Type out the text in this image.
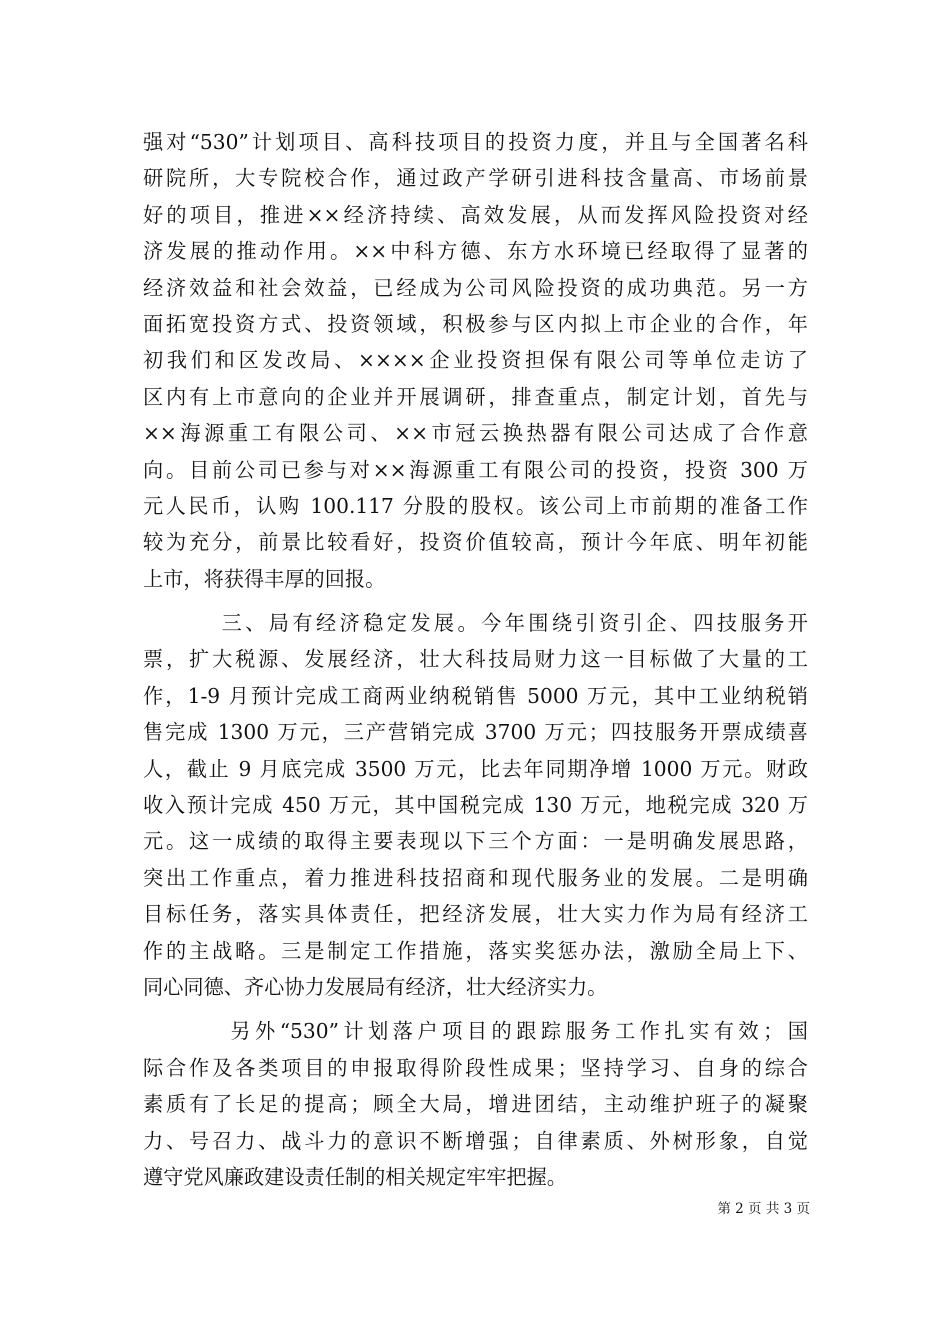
强对“530”计划项目、高科技项目的投资力度，并且与全国著名科
研院所，大专院校合作，通过政产学研引进科技含量高、市场前景
好的项目，推进××经济持续、高效发展，从而发挥风险投资对经
济发展的推动作用。××中科方德、东方水环境已经取得了显著的
经济效益和社会效益，已经成为公司风险投资的成功典范。另一方
面拓宽投资方式、投资领域，积极参与区内拟上市企业的合作，年
初我们和区发改局、××××企业投资担保有限公司等单位走访了
区内有上市意向的企业并开展调研，排查重点，制定计划，首先与
××海源重工有限公司、××市冠云换热器有限公司达成了合作意
向。目前公司已参与对××海源重工有限公司的投资，投资 300 万
元人民币，认购 100.117 分股的股权。该公司上市前期的准备工作
较为充分，前景比较看好，投资价值较高，预计今年底、明年初能
上市，将获得丰厚的回报。
三、局有经济稳定发展。今年围绕引资引企、四技服务开
票，扩大税源、发展经济，壮大科技局财力这一目标做了大量的工
作，1-9 月预计完成工商两业纳税销售 5000 万元，其中工业纳税销
售完成 1300 万元，三产营销完成 3700 万元；四技服务开票成绩喜
人，截止 9 月底完成 3500 万元，比去年同期净增 1000 万元。财政
收入预计完成 450 万元，其中国税完成 130 万元，地税完成 320 万
元。这一成绩的取得主要表现以下三个方面：一是明确发展思路，
突出工作重点，着力推进科技招商和现代服务业的发展。二是明确
目标任务，落实具体责任，把经济发展，壮大实力作为局有经济工
作的主战略。三是制定工作措施，落实奖惩办法，激励全局上下、
同心同德、齐心协力发展局有经济，壮大经济实力。
另外“530”计划落户项目的跟踪服务工作扎实有效；国
际合作及各类项目的申报取得阶段性成果；坚持学习、自身的综合
素质有了长足的提高；顾全大局，增进团结，主动维护班子的凝聚
力、号召力、战斗力的意识不断增强；自律素质、外树形象，自觉
遵守党风廉政建设责任制的相关规定牢牢把握。
第 2 页 共 3 页
